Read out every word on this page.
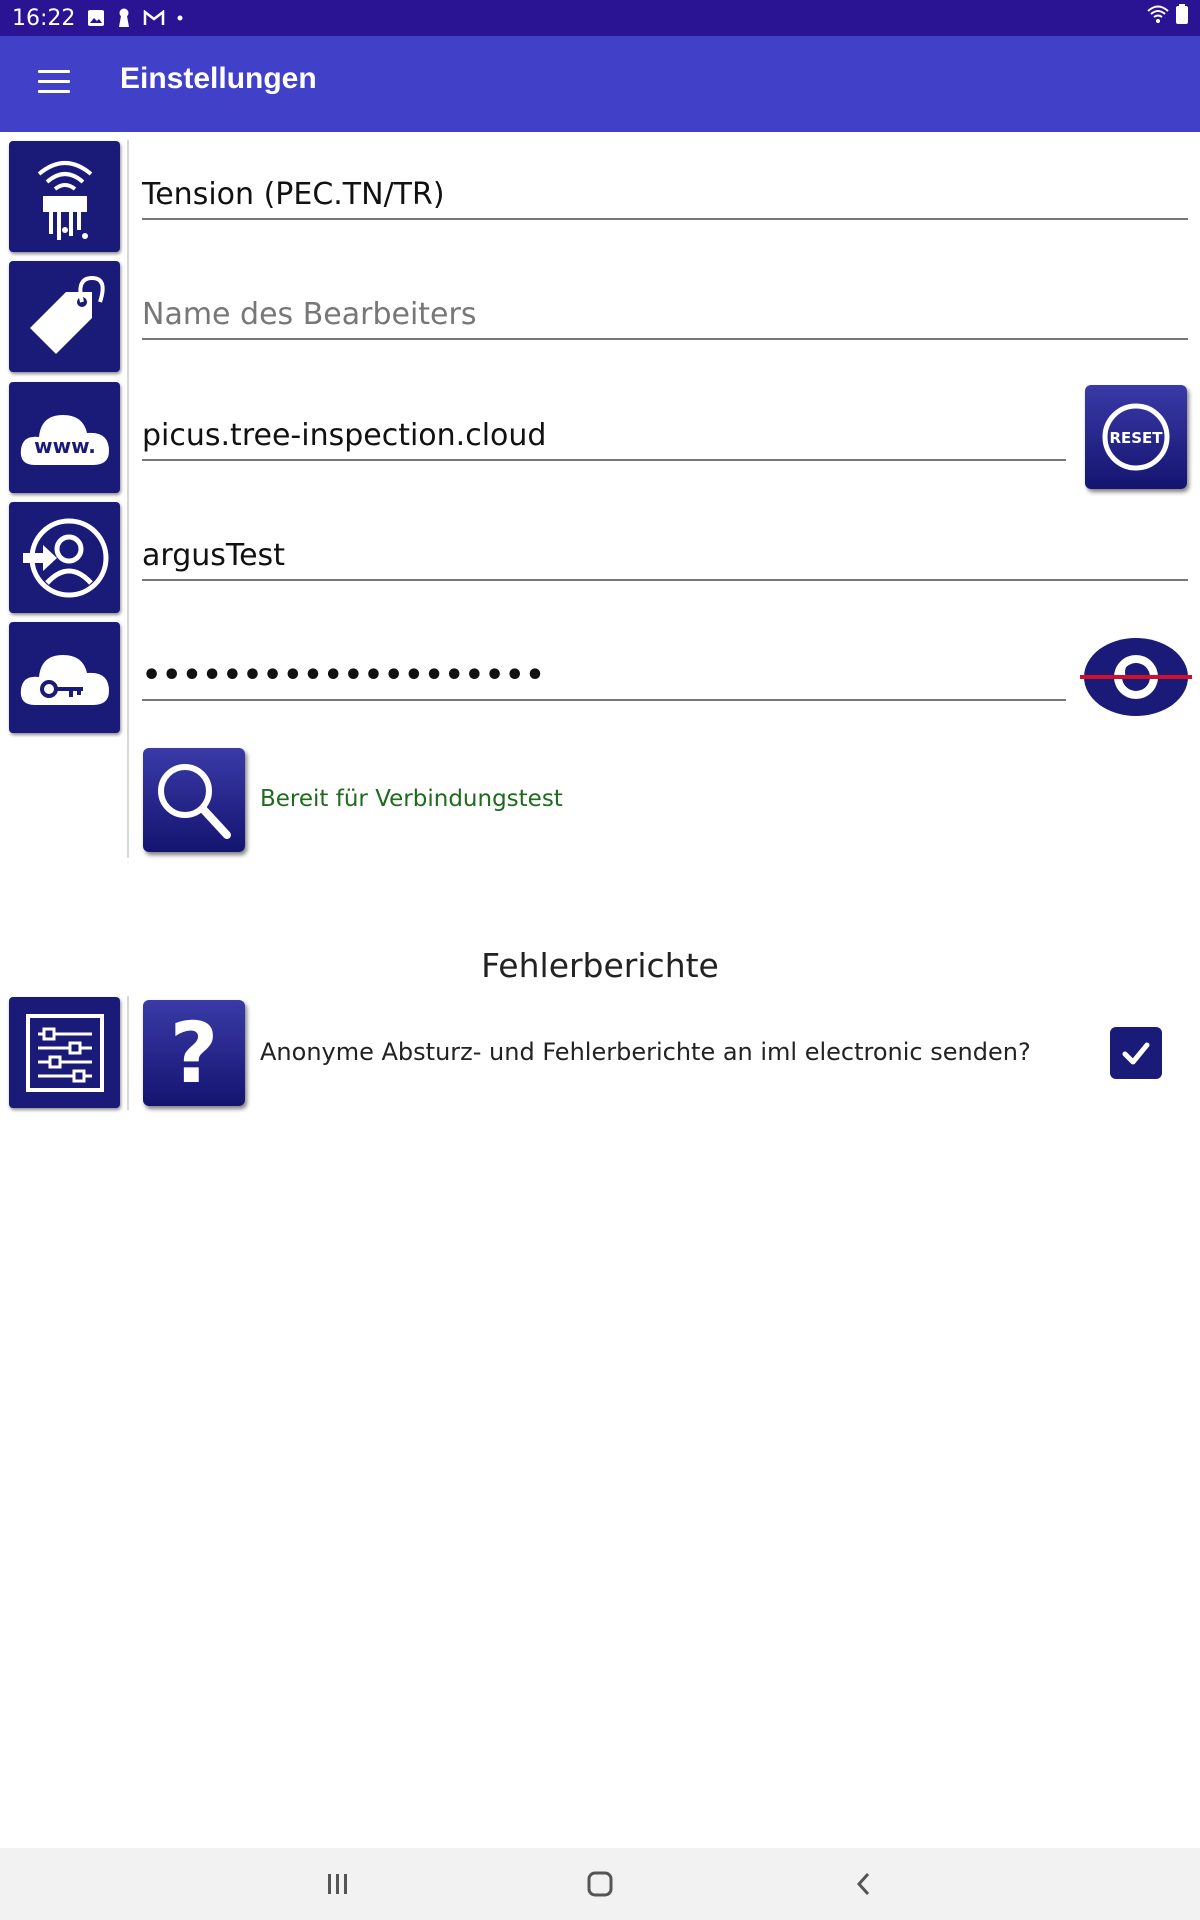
16:22
Einstellungen
www.
Tension (PEC.TN/TR)
Name des Bearbeiters
picus.tree-inspection.cloud	RESET
argusTest
••••••••••••••••••••
Bereit für Verbindungstest
Fehlerberichte
?	Anonyme Absturz- und Fehlerberichte an iml electronic senden?
